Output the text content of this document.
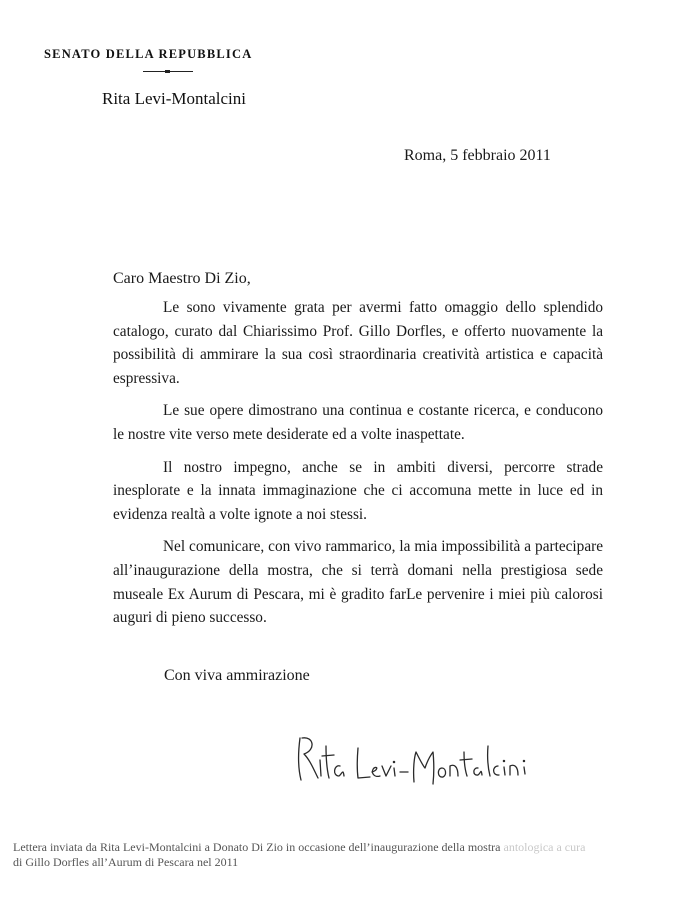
SENATO DELLA REPUBBLICA
Rita Levi-Montalcini
Roma, 5 febbraio 2011
Caro Maestro Di Zio,

Le sono vivamente grata per avermi fatto omaggio dello splendido catalogo, curato dal Chiarissimo Prof. Gillo Dorfles, e offerto nuovamente la possibilità di ammirare la sua così straordinaria creatività artistica e capacità espressiva.

Le sue opere dimostrano una continua e costante ricerca, e conducono le nostre vite verso mete desiderate ed a volte inaspettate.

Il nostro impegno, anche se in ambiti diversi, percorre strade inesplorate e la innata immaginazione che ci accomuna mette in luce ed in evidenza realtà a volte ignote a noi stessi.

Nel comunicare, con vivo rammarico, la mia impossibilità a partecipare all’inaugurazione della mostra, che si terrà domani nella prestigiosa sede museale Ex Aurum di Pescara, mi è gradito farLe pervenire i miei più calorosi auguri di pieno successo.

Con viva ammirazione
Lettera inviata da Rita Levi-Montalcini a Donato Di Zio in occasione dell’inaugurazione della mostra antologica a cura
di Gillo Dorfles all’Aurum di Pescara nel 2011
